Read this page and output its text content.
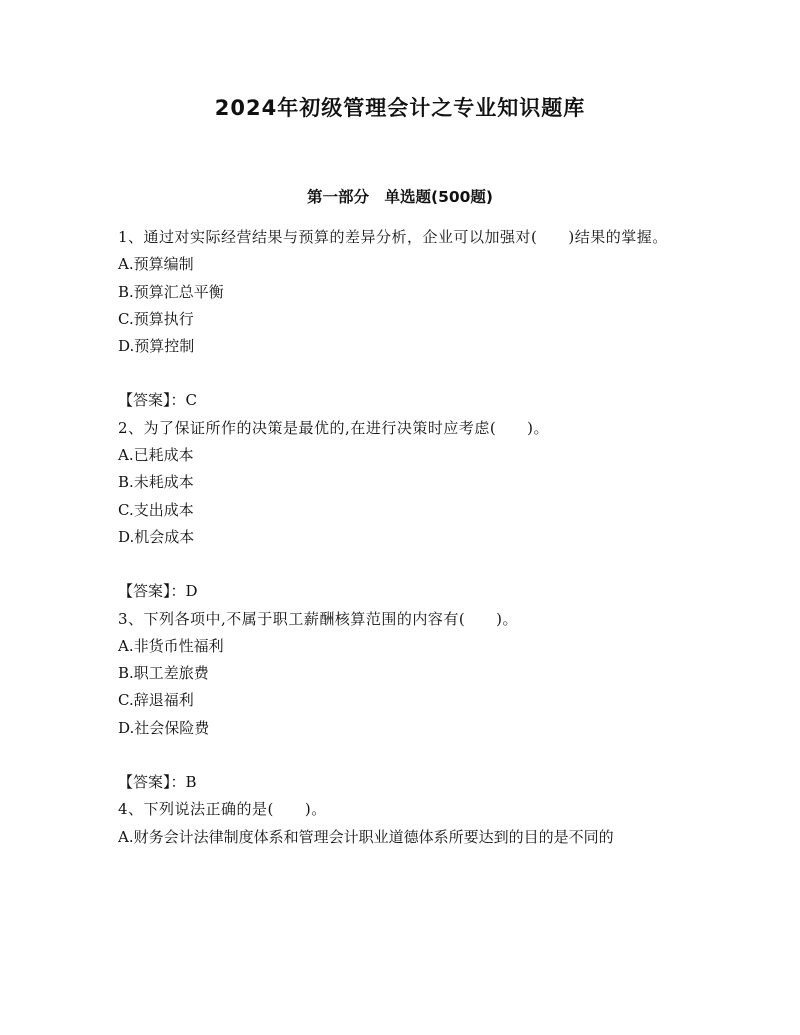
2024年初级管理会计之专业知识题库
第一部分　单选题(500题)

1、通过对实际经营结果与预算的差异分析，企业可以加强对(　　)结果的掌握。

A.预算编制

B.预算汇总平衡

C.预算执行

D.预算控制

【答案】：C

2、为了保证所作的决策是最优的,在进行决策时应考虑(　　)。

A.已耗成本

B.未耗成本

C.支出成本

D.机会成本

【答案】：D

3、下列各项中,不属于职工薪酬核算范围的内容有(　　)。

A.非货币性福利

B.职工差旅费

C.辞退福利

D.社会保险费

【答案】：B

4、下列说法正确的是(　　)。

A.财务会计法律制度体系和管理会计职业道德体系所要达到的目的是不同的
